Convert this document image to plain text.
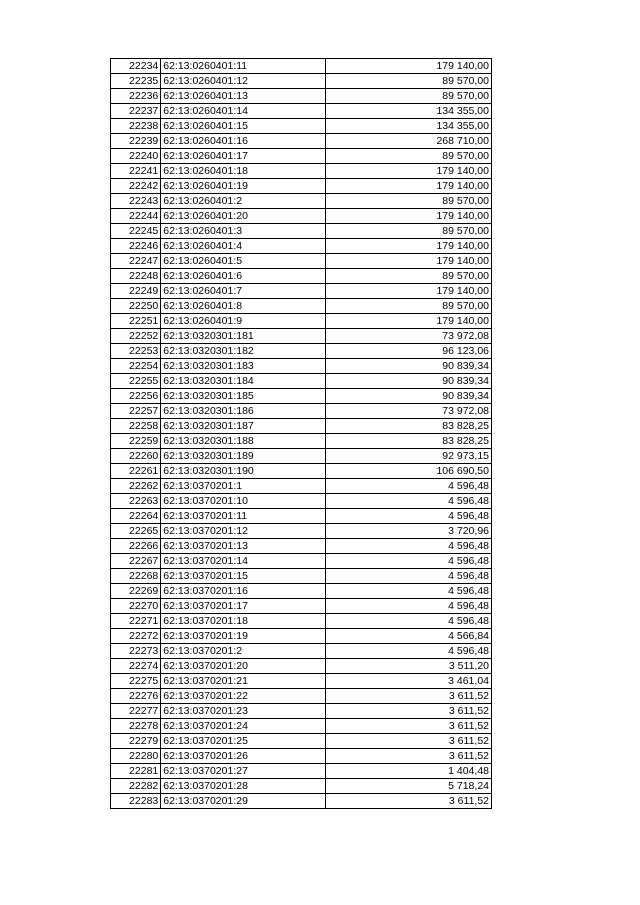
22234	62:13:0260401:11	179 140,00
22235	62:13:0260401:12	89 570,00
22236	62:13:0260401:13	89 570,00
22237	62:13:0260401:14	134 355,00
22238	62:13:0260401:15	134 355,00
22239	62:13:0260401:16	268 710,00
22240	62:13:0260401:17	89 570,00
22241	62:13:0260401:18	179 140,00
22242	62:13:0260401:19	179 140,00
22243	62:13:0260401:2	89 570,00
22244	62:13:0260401:20	179 140,00
22245	62:13:0260401:3	89 570,00
22246	62:13:0260401:4	179 140,00
22247	62:13:0260401:5	179 140,00
22248	62:13:0260401:6	89 570,00
22249	62:13:0260401:7	179 140,00
22250	62:13:0260401:8	89 570,00
22251	62:13:0260401:9	179 140,00
22252	62:13:0320301:181	73 972,08
22253	62:13:0320301:182	96 123,06
22254	62:13:0320301:183	90 839,34
22255	62:13:0320301:184	90 839,34
22256	62:13:0320301:185	90 839,34
22257	62:13:0320301:186	73 972,08
22258	62:13:0320301:187	83 828,25
22259	62:13:0320301:188	83 828,25
22260	62:13:0320301:189	92 973,15
22261	62:13:0320301:190	106 690,50
22262	62:13:0370201:1	4 596,48
22263	62:13:0370201:10	4 596,48
22264	62:13:0370201:11	4 596,48
22265	62:13:0370201:12	3 720,96
22266	62:13:0370201:13	4 596,48
22267	62:13:0370201:14	4 596,48
22268	62:13:0370201:15	4 596,48
22269	62:13:0370201:16	4 596,48
22270	62:13:0370201:17	4 596,48
22271	62:13:0370201:18	4 596,48
22272	62:13:0370201:19	4 566,84
22273	62:13:0370201:2	4 596,48
22274	62:13:0370201:20	3 511,20
22275	62:13:0370201:21	3 461,04
22276	62:13:0370201:22	3 611,52
22277	62:13:0370201:23	3 611,52
22278	62:13:0370201:24	3 611,52
22279	62:13:0370201:25	3 611,52
22280	62:13:0370201:26	3 611,52
22281	62:13:0370201:27	1 404,48
22282	62:13:0370201:28	5 718,24
22283	62:13:0370201:29	3 611,52
